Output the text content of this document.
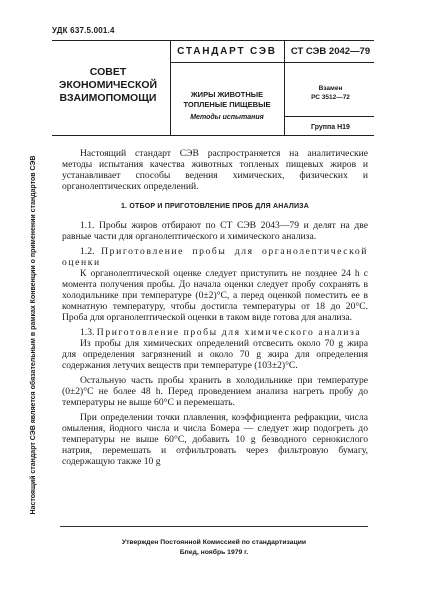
УДК 637.5.001.4
СОВЕТ
ЭКОНОМИЧЕСКОЙ
ВЗАИМОПОМОЩИ
СТАНДАРТ СЭВ
ЖИРЫ ЖИВОТНЫЕ
ТОПЛЕНЫЕ ПИЩЕВЫЕ
Методы испытания
СТ СЭВ 2042—79
Взамен
РС 3512—72
Группа Н19

Настоящий стандарт СЭВ распространяется на аналитические методы испытания качества животных топленых пищевых жиров и устанавливает способы ведения химических, физических и органолептических определений.

1. ОТБОР И ПРИГОТОВЛЕНИЕ ПРОБ ДЛЯ АНАЛИЗА

1.1. Пробы жиров отбирают по СТ СЭВ 2043—79 и делят на две равные части для органолептического и химического анализа.

1.2. Приготовление пробы для органолептической оценки

К органолептической оценке следует приступить не позднее 24 h с момента получения пробы. До начала оценки следует пробу сохранять в холодильнике при температуре (0±2)°С, а перед оценкой поместить ее в комнатную температуру, чтобы достигла температуры от 18 до 20°С. Проба для органолептической оценки в таком виде готова для анализа.

1.3. Приготовление пробы для химического анализа

Из пробы для химических определений отсвесить около 70 g жира для определения загрязнений и около 70 g жира для определения содержания летучих веществ при температуре (103±2)°С.

Остальную часть пробы хранить в холодильнике при температуре (0±2)°С не более 48 h. Перед проведением анализа нагреть пробу до температуры не выше 60°С и перемешать.

При определении точки плавления, коэффициента рефракции, числа омыления, йодного числа и числа Бомера — следует жир подогреть до температуры не выше 60°С, добавить 10 g безводного сернокислого натрия, перемешать и отфильтровать через фильтровую бумагу, содержащую также 10 g

Утвержден Постоянной Комиссией по стандартизации
Бпед, ноябрь 1979 г.
Настоящий стандарт СЭВ является обязательным в рамках Конвенции о применении стандартов СЭВ
